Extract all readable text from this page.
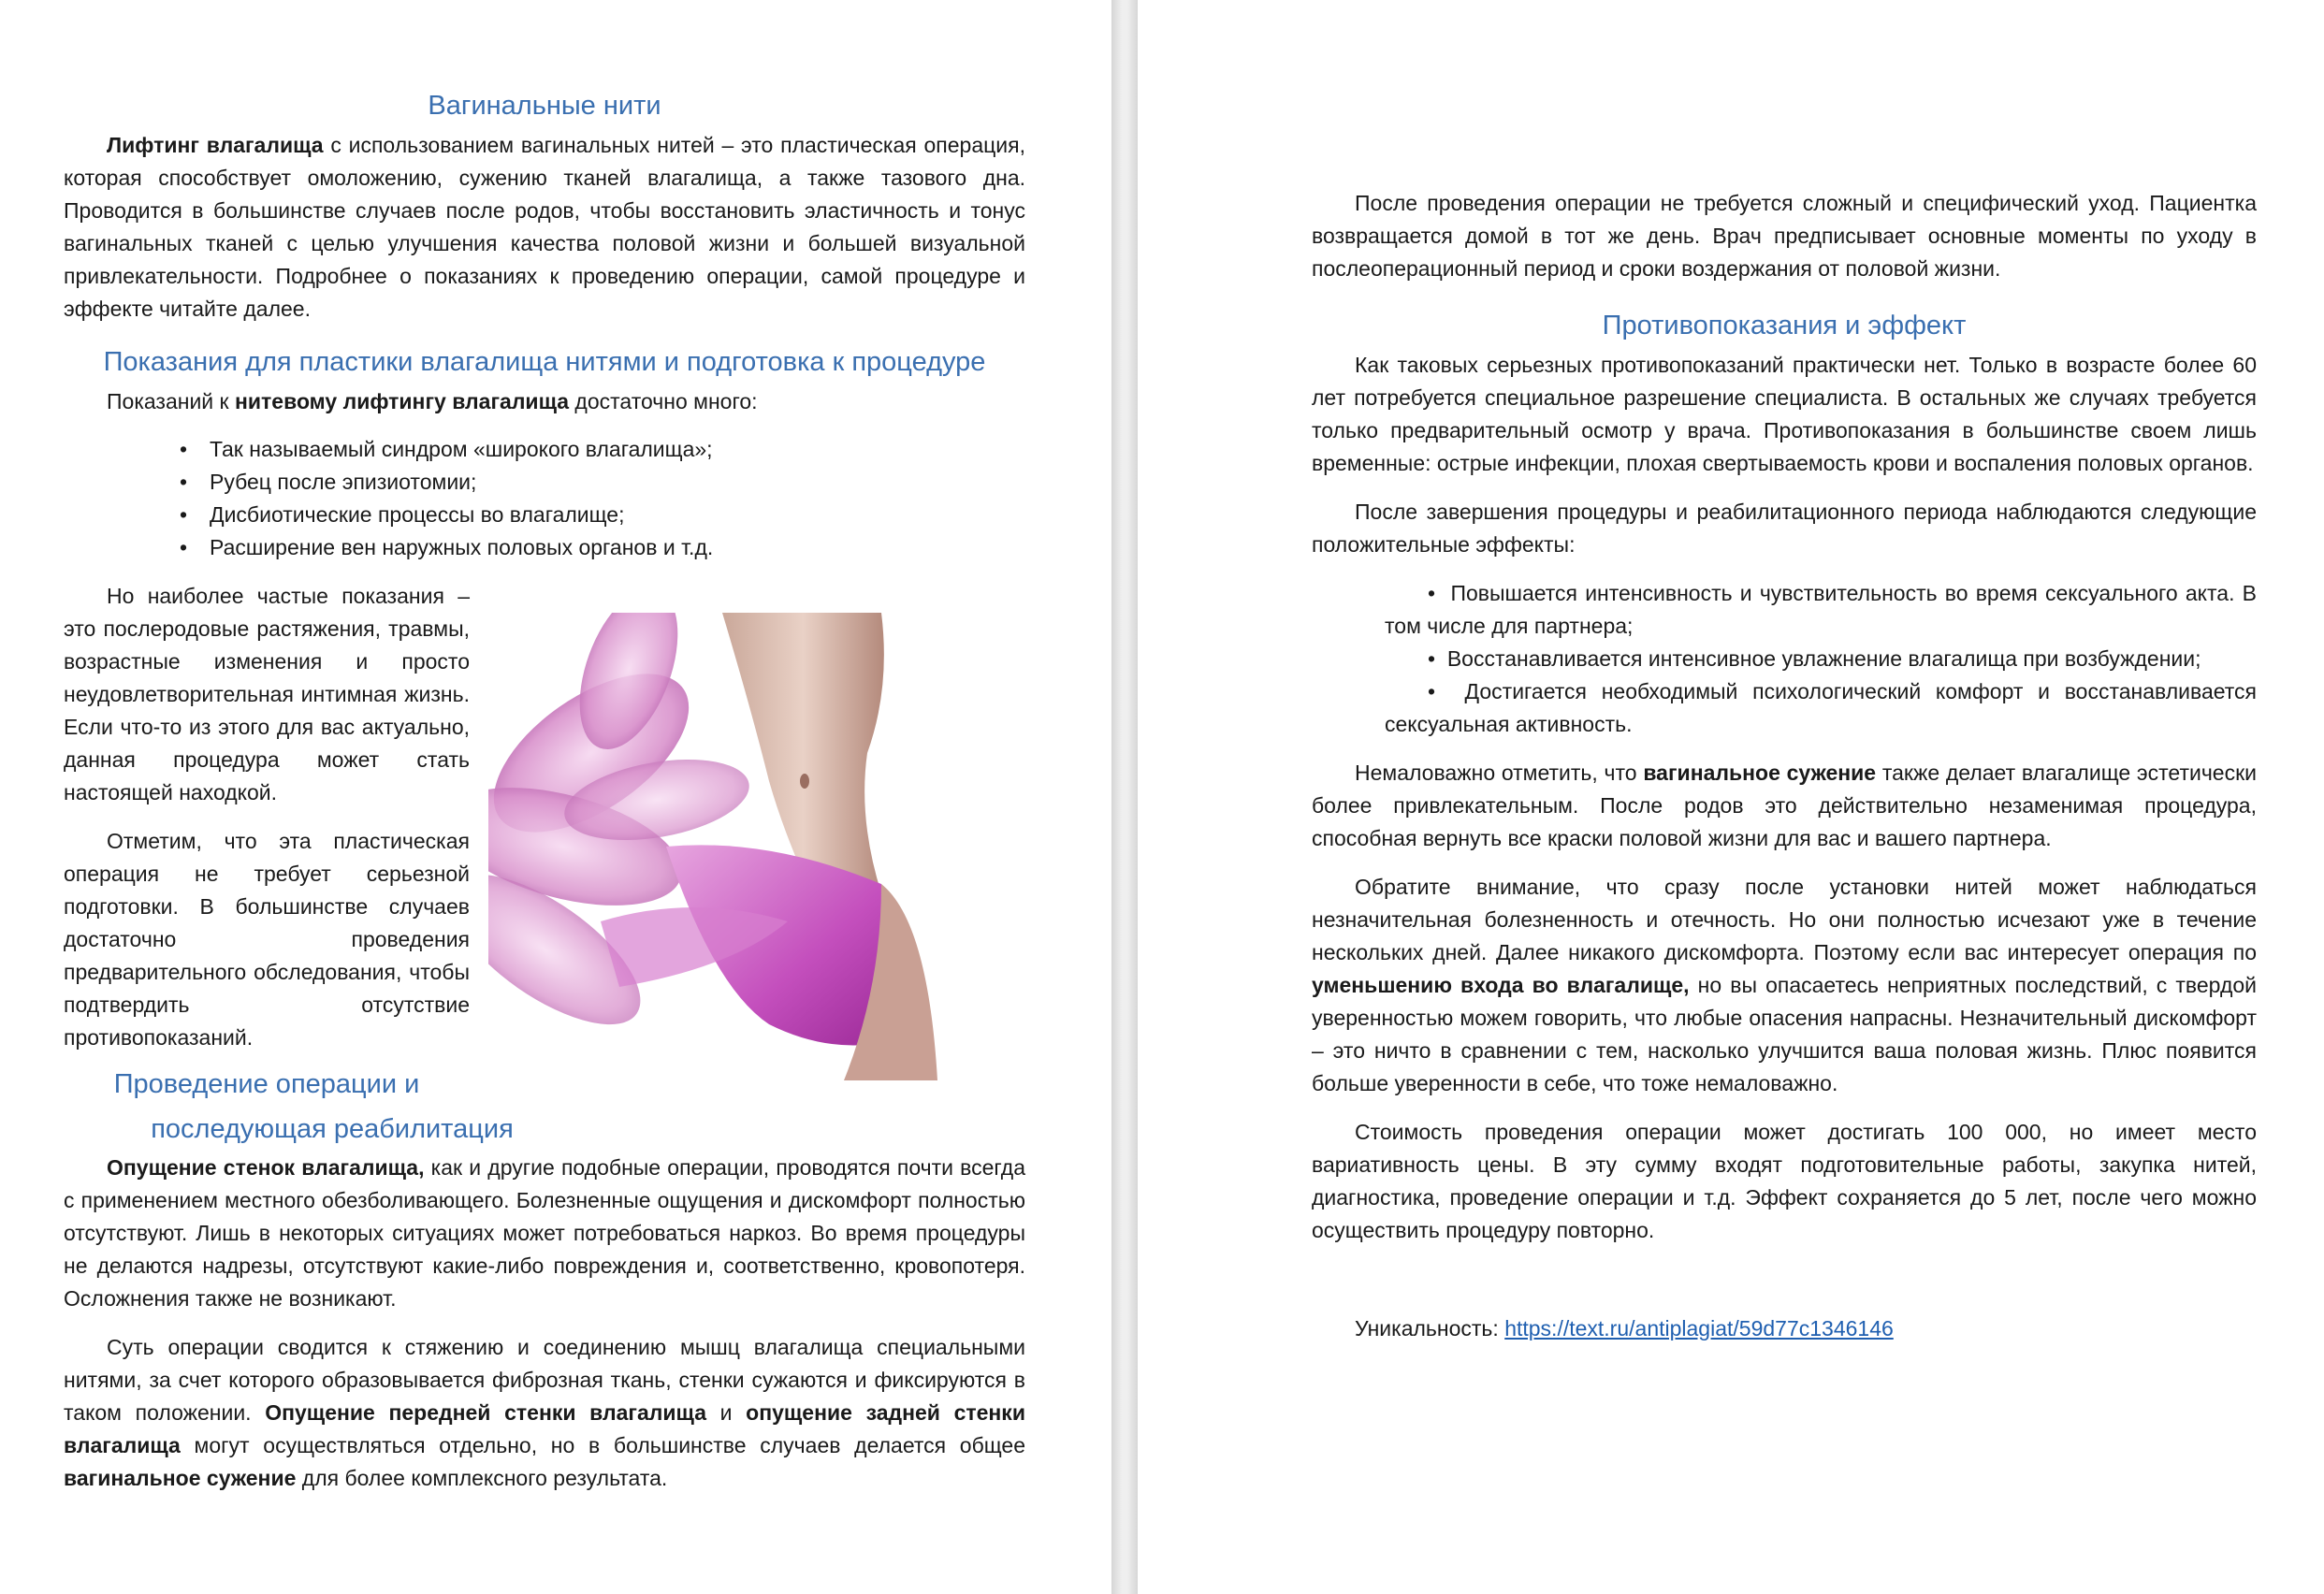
Вагинальные нити

Лифтинг влагалища с использованием вагинальных нитей – это пластическая операция, которая способствует омоложению, сужению тканей влагалища, а также тазового дна. Проводится в большинстве случаев после родов, чтобы восстановить эластичность и тонус вагинальных тканей с целью улучшения качества половой жизни и большей визуальной привлекательности. Подробнее о показаниях к проведению операции, самой процедуре и эффекте читайте далее.

Показания для пластики влагалища нитями и подготовка к процедуре

Показаний к нитевому лифтингу влагалища достаточно много:

• Так называемый синдром «широкого влагалища»;
• Рубец после эпизиотомии;
• Дисбиотические процессы во влагалище;
• Расширение вен наружных половых органов и т.д.

Но наиболее частые показания – это послеродовые растяжения, травмы, возрастные изменения и просто неудовлетворительная интимная жизнь. Если что-то из этого для вас актуально, данная процедура может стать настоящей находкой.

Отметим, что эта пластическая операция не требует серьезной подготовки. В большинстве случаев достаточно проведения предварительного обследования, чтобы подтвердить отсутствие противопоказаний.

Проведение операции и последующая реабилитация

Опущение стенок влагалища, как и другие подобные операции, проводятся почти всегда с применением местного обезболивающего. Болезненные ощущения и дискомфорт полностью отсутствуют. Лишь в некоторых ситуациях может потребоваться наркоз. Во время процедуры не делаются надрезы, отсутствуют какие-либо повреждения и, соответственно, кровопотеря. Осложнения также не возникают.

Суть операции сводится к стяжению и соединению мышц влагалища специальными нитями, за счет которого образовывается фиброзная ткань, стенки сужаются и фиксируются в таком положении. Опущение передней стенки влагалища и опущение задней стенки влагалища могут осуществляться отдельно, но в большинстве случаев делается общее вагинальное сужение для более комплексного результата.

После проведения операции не требуется сложный и специфический уход. Пациентка возвращается домой в тот же день. Врач предписывает основные моменты по уходу в послеоперационный период и сроки воздержания от половой жизни.

Противопоказания и эффект

Как таковых серьезных противопоказаний практически нет. Только в возрасте более 60 лет потребуется специальное разрешение специалиста. В остальных же случаях требуется только предварительный осмотр у врача. Противопоказания в большинстве своем лишь временные: острые инфекции, плохая свертываемость крови и воспаления половых органов.

После завершения процедуры и реабилитационного периода наблюдаются следующие положительные эффекты:

•  Повышается интенсивность и чувствительность во время сексуального акта. В том числе для партнера;
•  Восстанавливается интенсивное увлажнение влагалища при возбуждении;
•  Достигается необходимый психологический комфорт и восстанавливается сексуальная активность.

Немаловажно отметить, что вагинальное сужение также делает влагалище эстетически более привлекательным. После родов это действительно незаменимая процедура, способная вернуть все краски половой жизни для вас и вашего партнера.

Обратите внимание, что сразу после установки нитей может наблюдаться незначительная болезненность и отечность. Но они полностью исчезают уже в течение нескольких дней. Далее никакого дискомфорта. Поэтому если вас интересует операция по уменьшению входа во влагалище, но вы опасаетесь неприятных последствий, с твердой уверенностью можем говорить, что любые опасения напрасны. Незначительный дискомфорт – это ничто в сравнении с тем, насколько улучшится ваша половая жизнь. Плюс появится больше уверенности в себе, что тоже немаловажно.

Стоимость проведения операции может достигать 100 000, но имеет место вариативность цены. В эту сумму входят подготовительные работы, закупка нитей, диагностика, проведение операции и т.д. Эффект сохраняется до 5 лет, после чего можно осуществить процедуру повторно.

Уникальность: https://text.ru/antiplagiat/59d77c1346146
